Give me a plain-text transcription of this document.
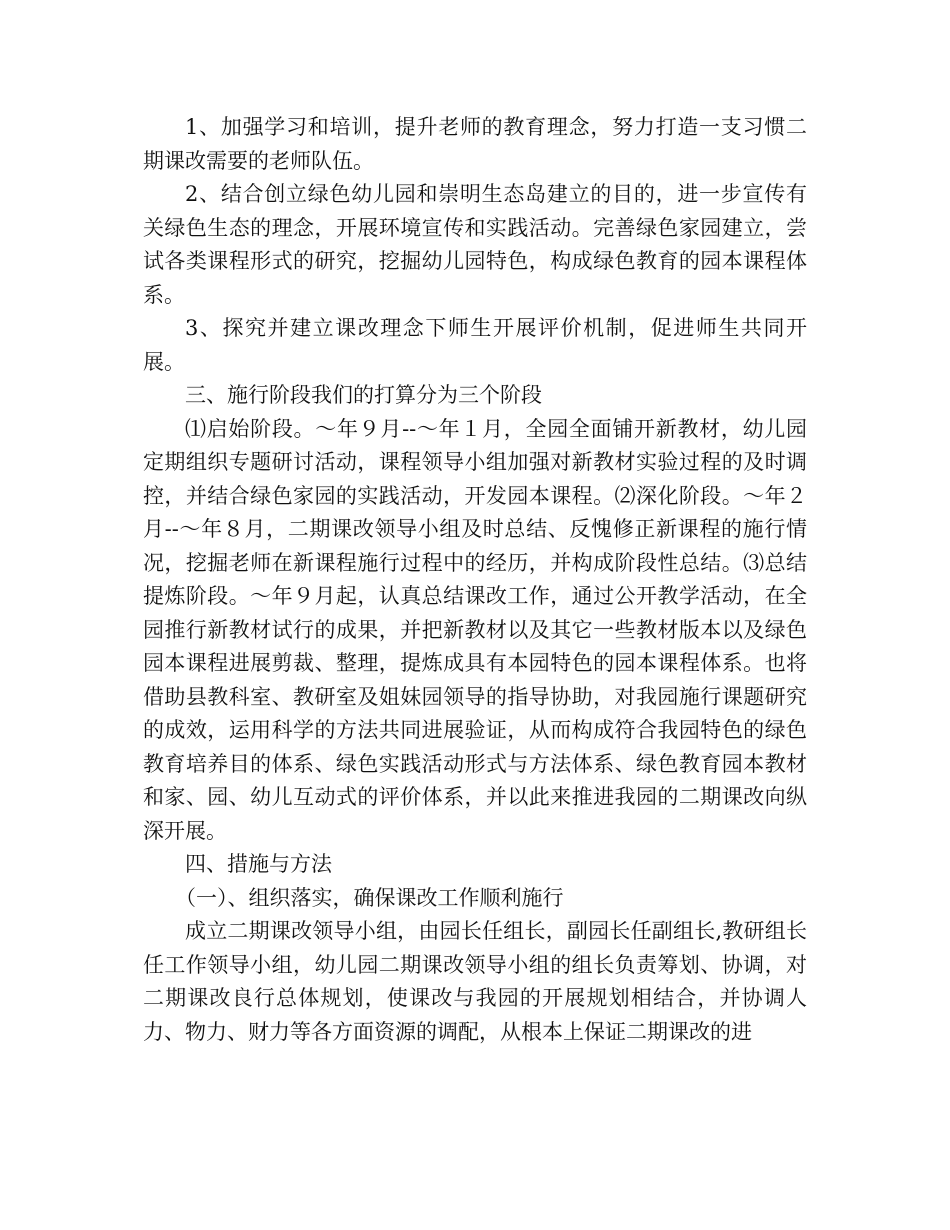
1、加强学习和培训，提升老师的教育理念，努力打造一支习惯二期课改需要的老师队伍。

2、结合创立绿色幼儿园和崇明生态岛建立的目的，进一步宣传有关绿色生态的理念，开展环境宣传和实践活动。完善绿色家园建立，尝试各类课程形式的研究，挖掘幼儿园特色，构成绿色教育的园本课程体系。

3、探究并建立课改理念下师生开展评价机制，促进师生共同开展。

三、施行阶段我们的打算分为三个阶段

⑴启始阶段。～年９月--～年１月，全园全面铺开新教材，幼儿园定期组织专题研讨活动，课程领导小组加强对新教材实验过程的及时调控，并结合绿色家园的实践活动，开发园本课程。⑵深化阶段。～年２月--～年８月，二期课改领导小组及时总结、反愧修正新课程的施行情况，挖掘老师在新课程施行过程中的经历，并构成阶段性总结。⑶总结提炼阶段。～年９月起，认真总结课改工作，通过公开教学活动，在全园推行新教材试行的成果，并把新教材以及其它一些教材版本以及绿色园本课程进展剪裁、整理，提炼成具有本园特色的园本课程体系。也将借助县教科室、教研室及姐妹园领导的指导协助，对我园施行课题研究的成效，运用科学的方法共同进展验证，从而构成符合我园特色的绿色教育培养目的体系、绿色实践活动形式与方法体系、绿色教育园本教材和家、园、幼儿互动式的评价体系，并以此来推进我园的二期课改向纵深开展。

四、措施与方法

（一）、组织落实，确保课改工作顺利施行

成立二期课改领导小组，由园长任组长，副园长任副组长,教研组长任工作领导小组，幼儿园二期课改领导小组的组长负责筹划、协调，对二期课改良行总体规划，使课改与我园的开展规划相结合，并协调人力、物力、财力等各方面资源的调配，从根本上保证二期课改的进
